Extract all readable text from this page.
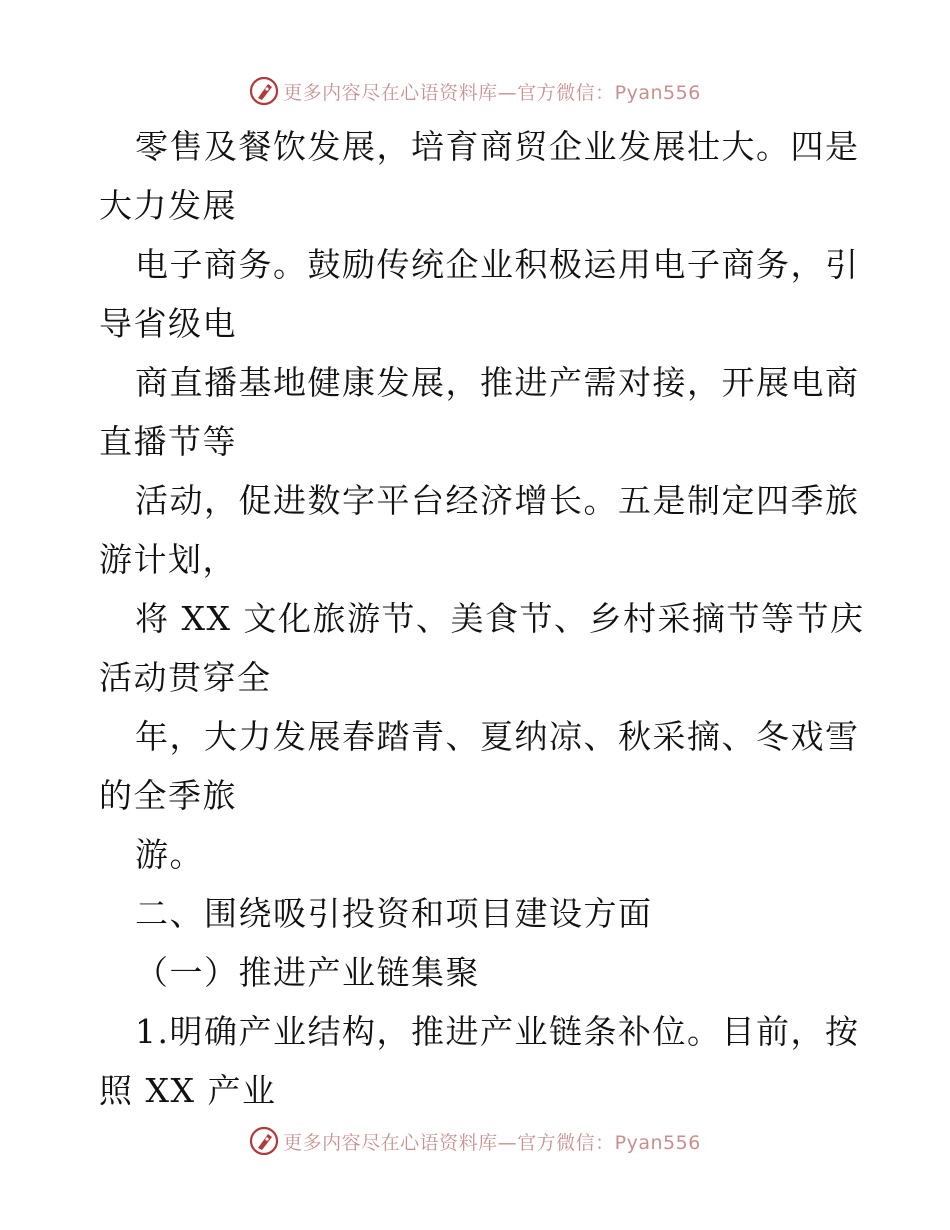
更多内容尽在心语资料库—官方微信：Pyan556
零售及餐饮发展，培育商贸企业发展壮大。四是
大力发展
电子商务。鼓励传统企业积极运用电子商务，引
导省级电
商直播基地健康发展，推进产需对接，开展电商
直播节等
活动，促进数字平台经济增长。五是制定四季旅
游计划，
将 XX 文化旅游节、美食节、乡村采摘节等节庆
活动贯穿全
年，大力发展春踏青、夏纳凉、秋采摘、冬戏雪
的全季旅
游。
二、围绕吸引投资和项目建设方面
（一）推进产业链集聚
1.明确产业结构，推进产业链条补位。目前，按
照 XX 产业
更多内容尽在心语资料库—官方微信：Pyan556
